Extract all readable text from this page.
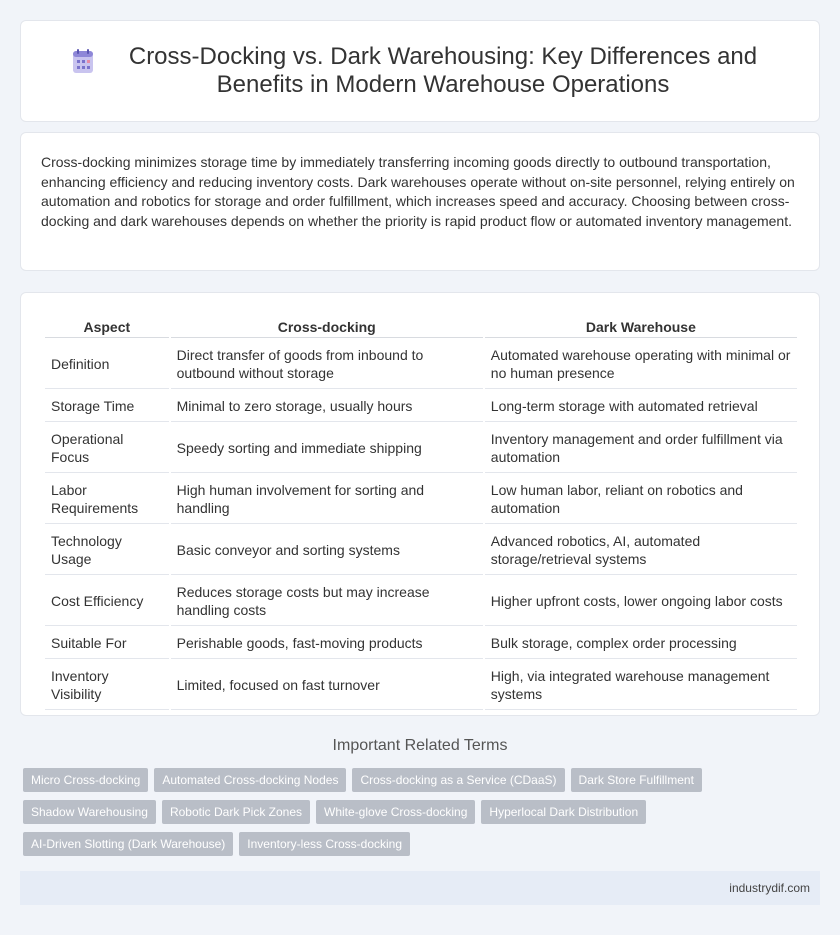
Cross-Docking vs. Dark Warehousing: Key Differences and Benefits in Modern Warehouse Operations

Cross-docking minimizes storage time by immediately transferring incoming goods directly to outbound transportation, enhancing efficiency and reducing inventory costs. Dark warehouses operate without on-site personnel, relying entirely on automation and robotics for storage and order fulfillment, which increases speed and accuracy. Choosing between cross-docking and dark warehouses depends on whether the priority is rapid product flow or automated inventory management.

Aspect	Cross-docking	Dark Warehouse
Definition	Direct transfer of goods from inbound to outbound without storage	Automated warehouse operating with minimal or no human presence
Storage Time	Minimal to zero storage, usually hours	Long-term storage with automated retrieval
Operational Focus	Speedy sorting and immediate shipping	Inventory management and order fulfillment via automation
Labor Requirements	High human involvement for sorting and handling	Low human labor, reliant on robotics and automation
Technology Usage	Basic conveyor and sorting systems	Advanced robotics, AI, automated storage/retrieval systems
Cost Efficiency	Reduces storage costs but may increase handling costs	Higher upfront costs, lower ongoing labor costs
Suitable For	Perishable goods, fast-moving products	Bulk storage, complex order processing
Inventory Visibility	Limited, focused on fast turnover	High, via integrated warehouse management systems
Important Related Terms
Micro Cross-docking	Automated Cross-docking Nodes	Cross-docking as a Service (CDaaS)	Dark Store Fulfillment
Shadow Warehousing	Robotic Dark Pick Zones	White-glove Cross-docking	Hyperlocal Dark Distribution
AI-Driven Slotting (Dark Warehouse)	Inventory-less Cross-docking
industrydif.com
